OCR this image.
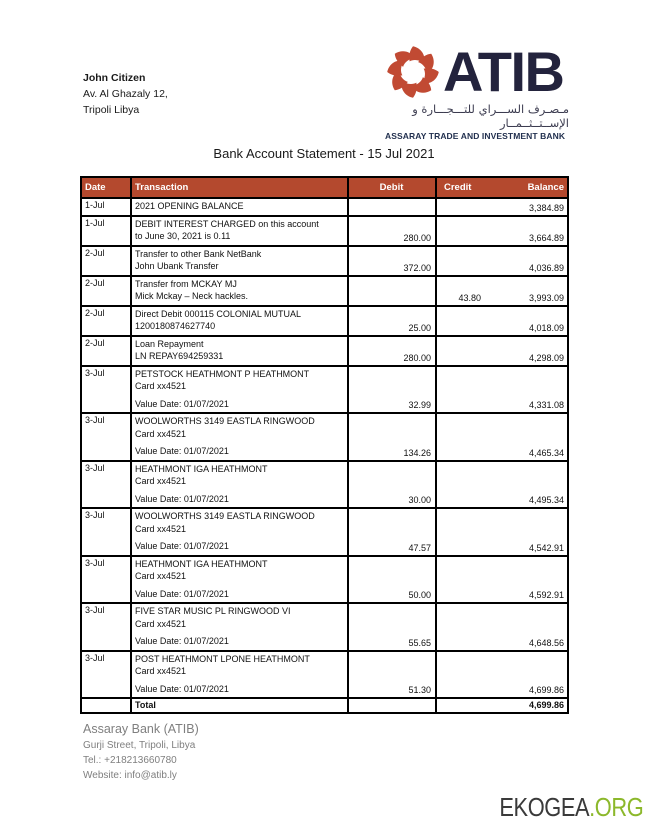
John Citizen
Av. Al Ghazaly 12,
Tripoli Libya
ATIB
مـصـرف الســـراي للتـــجـــارة و الإســتــثــمــار
ASSARAY TRADE AND INVESTMENT BANK
Bank Account Statement - 15 Jul 2021
Date	Transaction	Debit	Credit	Balance
1-Jul	2021 OPENING BALANCE			3,384.89
1-Jul	DEBIT INTEREST CHARGED on this account
to June 30, 2021 is 0.11	280.00		3,664.89
2-Jul	Transfer to other Bank NetBank
John Ubank Transfer	372.00		4,036.89
2-Jul	Transfer from MCKAY MJ
Mick Mckay – Neck hackles.		43.80	3,993.09
2-Jul	Direct Debit 000115 COLONIAL MUTUAL
1200180874627740	25.00		4,018.09
2-Jul	Loan Repayment
LN REPAY694259331	280.00		4,298.09
3-Jul	PETSTOCK HEATHMONT P HEATHMONT
Card xx4521
Value Date: 01/07/2021	32.99		4,331.08
3-Jul	WOOLWORTHS 3149 EASTLA RINGWOOD
Card xx4521
Value Date: 01/07/2021	134.26		4,465.34
3-Jul	HEATHMONT IGA HEATHMONT
Card xx4521
Value Date: 01/07/2021	30.00		4,495.34
3-Jul	WOOLWORTHS 3149 EASTLA RINGWOOD
Card xx4521
Value Date: 01/07/2021	47.57		4,542.91
3-Jul	HEATHMONT IGA HEATHMONT
Card xx4521
Value Date: 01/07/2021	50.00		4,592.91
3-Jul	FIVE STAR MUSIC PL RINGWOOD VI
Card xx4521
Value Date: 01/07/2021	55.65		4,648.56
3-Jul	POST HEATHMONT LPONE HEATHMONT
Card xx4521
Value Date: 01/07/2021	51.30		4,699.86
	Total			4,699.86
Assaray Bank (ATIB)
Gurji Street, Tripoli, Libya
Tel.: +218213660780
Website: info@atib.ly
EKOGEA.ORG
